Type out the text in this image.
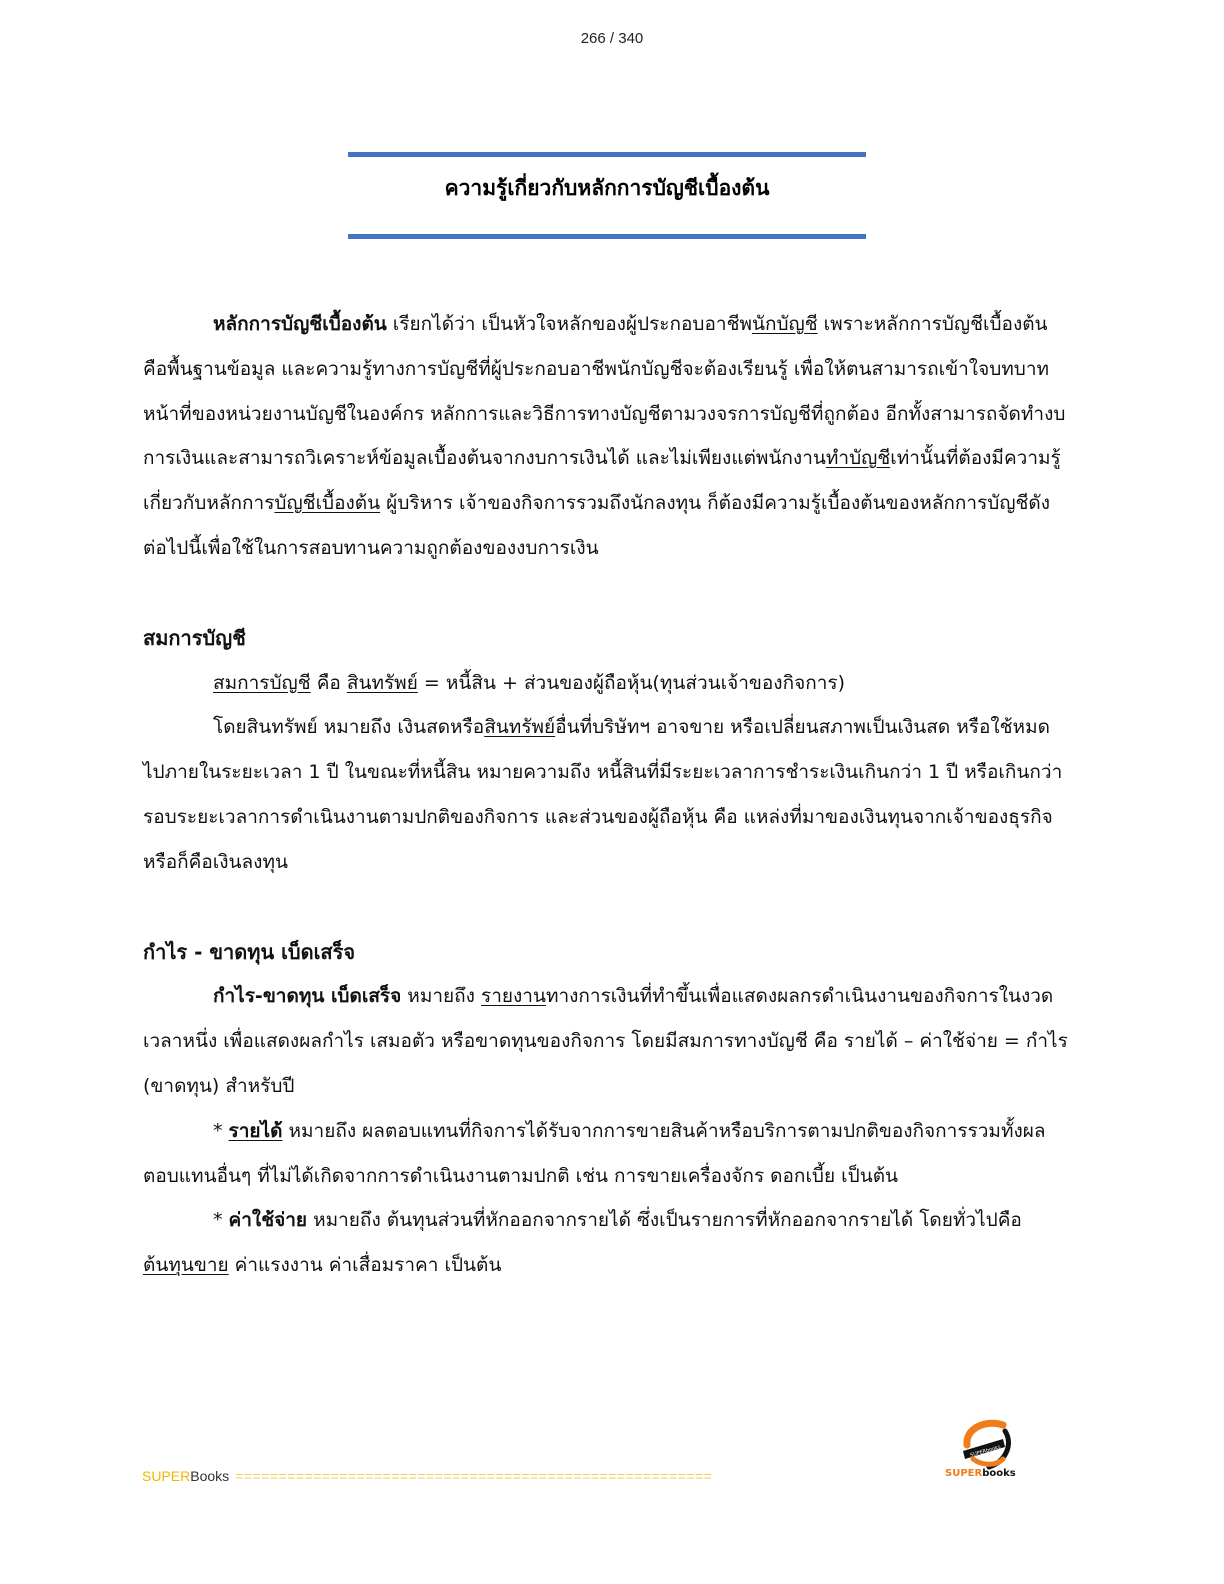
266 / 340
ความรู้เกี่ยวกับหลักการบัญชีเบื้องต้น

หลักการบัญชีเบื้องต้น เรียกได้ว่า เป็นหัวใจหลักของผู้ประกอบอาชีพนักบัญชี เพราะหลักการบัญชีเบื้องต้นคือพื้นฐานข้อมูล และความรู้ทางการบัญชีที่ผู้ประกอบอาชีพนักบัญชีจะต้องเรียนรู้ เพื่อให้ตนสามารถเข้าใจบทบาทหน้าที่ของหน่วยงานบัญชีในองค์กร หลักการและวิธีการทางบัญชีตามวงจรการบัญชีที่ถูกต้อง อีกทั้งสามารถจัดทำงบการเงินและสามารถวิเคราะห์ข้อมูลเบื้องต้นจากงบการเงินได้ และไม่เพียงแต่พนักงานทำบัญชีเท่านั้นที่ต้องมีความรู้เกี่ยวกับหลักการบัญชีเบื้องต้น ผู้บริหาร เจ้าของกิจการรวมถึงนักลงทุน ก็ต้องมีความรู้เบื้องต้นของหลักการบัญชีดังต่อไปนี้เพื่อใช้ในการสอบทานความถูกต้องของงบการเงิน

สมการบัญชี

สมการบัญชี คือ สินทรัพย์ = หนี้สิน + ส่วนของผู้ถือหุ้น(ทุนส่วนเจ้าของกิจการ)

โดยสินทรัพย์ หมายถึง เงินสดหรือสินทรัพย์อื่นที่บริษัทฯ อาจขาย หรือเปลี่ยนสภาพเป็นเงินสด หรือใช้หมดไปภายในระยะเวลา 1 ปี ในขณะที่หนี้สิน หมายความถึง หนี้สินที่มีระยะเวลาการชำระเงินเกินกว่า 1 ปี หรือเกินกว่ารอบระยะเวลาการดำเนินงานตามปกติของกิจการ และส่วนของผู้ถือหุ้น คือ แหล่งที่มาของเงินทุนจากเจ้าของธุรกิจ หรือก็คือเงินลงทุน

กำไร - ขาดทุน เบ็ดเสร็จ

กำไร-ขาดทุน เบ็ดเสร็จ หมายถึง รายงานทางการเงินที่ทำขึ้นเพื่อแสดงผลกรดำเนินงานของกิจการในงวดเวลาหนึ่ง เพื่อแสดงผลกำไร เสมอตัว หรือขาดทุนของกิจการ โดยมีสมการทางบัญชี คือ รายได้ – ค่าใช้จ่าย = กำไร (ขาดทุน) สำหรับปี

* รายได้ หมายถึง ผลตอบแทนที่กิจการได้รับจากการขายสินค้าหรือบริการตามปกติของกิจการรวมทั้งผลตอบแทนอื่นๆ ที่ไม่ได้เกิดจากการดำเนินงานตามปกติ เช่น การขายเครื่องจักร ดอกเบี้ย เป็นต้น

* ค่าใช้จ่าย หมายถึง ต้นทุนส่วนที่หักออกจากรายได้ ซึ่งเป็นรายการที่หักออกจากรายได้ โดยทั่วไปคือ ต้นทุนขาย ค่าแรงงาน ค่าเสื่อมราคา เป็นต้น

SUPERBooks =======================================================
SUPERbooks
SUPERbooks
